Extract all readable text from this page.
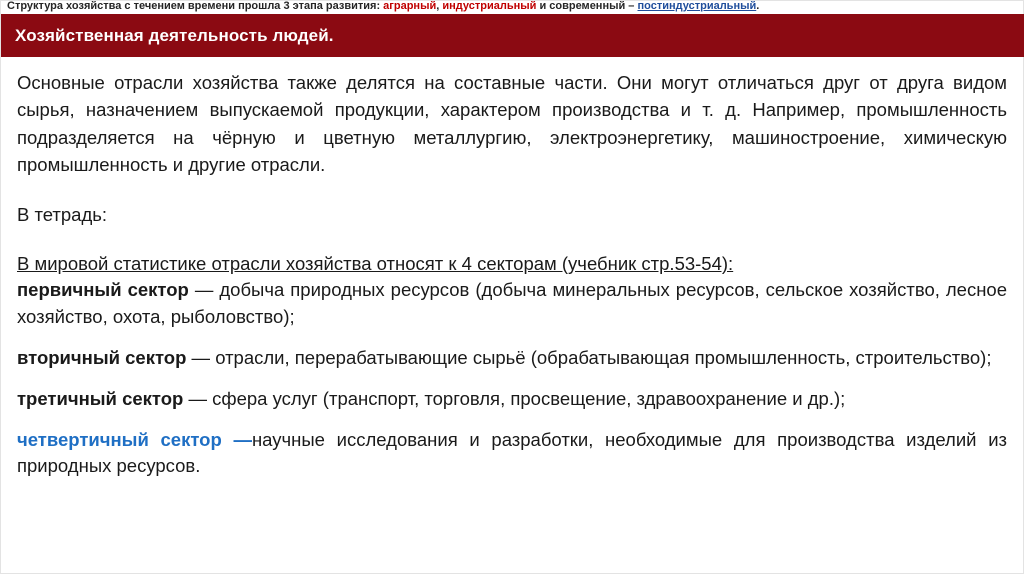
Структура хозяйства с течением времени прошла 3 этапа развития: аграрный, индустриальный и современный – постиндустриальный.
Хозяйственная деятельность людей.

Основные отрасли хозяйства также делятся на составные части. Они могут отличаться друг от друга видом сырья, назначением выпускаемой продукции, характером производства и т. д. Например, промышленность подразделяется на чёрную и цветную металлургию, электроэнергетику, машиностроение, химическую промышленность и другие отрасли.

В тетрадь:

В мировой статистике отрасли хозяйства относят к 4 секторам (учебник стр.53-54):

первичный сектор — добыча природных ресурсов (добыча минеральных ресурсов, сельское хозяйство, лесное хозяйство, охота, рыболовство);

вторичный сектор — отрасли, перерабатывающие сырьё (обрабатывающая промышленность, строительство);

третичный сектор — сфера услуг (транспорт, торговля, просвещение, здравоохранение и др.);

четвертичный сектор —научные исследования и разработки, необходимые для производства изделий из природных ресурсов.
